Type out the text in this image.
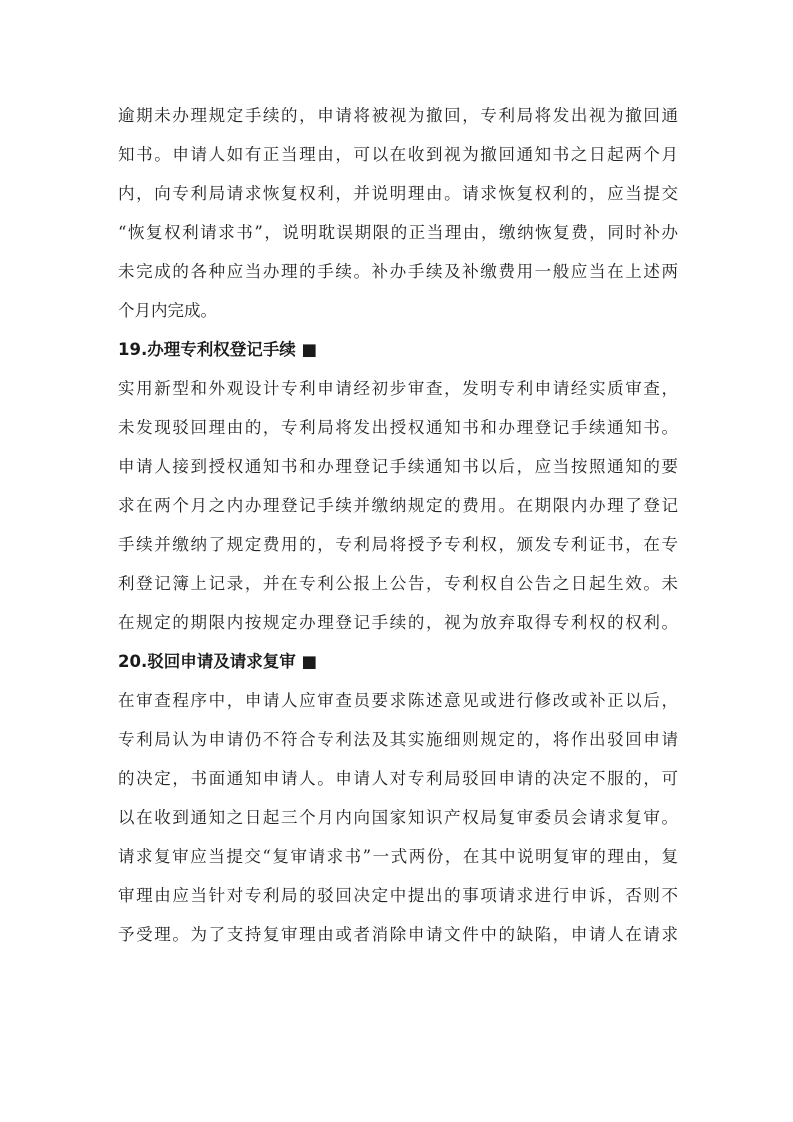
逾期未办理规定手续的，申请将被视为撤回，专利局将发出视为撤回通
知书。申请人如有正当理由，可以在收到视为撤回通知书之日起两个月
内，向专利局请求恢复权利，并说明理由。请求恢复权利的，应当提交
“恢复权利请求书”，说明耽误期限的正当理由，缴纳恢复费，同时补办
未完成的各种应当办理的手续。补办手续及补缴费用一般应当在上述两
个月内完成。
19.办理专利权登记手续 ■
实用新型和外观设计专利申请经初步审查，发明专利申请经实质审查，
未发现驳回理由的，专利局将发出授权通知书和办理登记手续通知书。
申请人接到授权通知书和办理登记手续通知书以后，应当按照通知的要
求在两个月之内办理登记手续并缴纳规定的费用。在期限内办理了登记
手续并缴纳了规定费用的，专利局将授予专利权，颁发专利证书，在专
利登记簿上记录，并在专利公报上公告，专利权自公告之日起生效。未
在规定的期限内按规定办理登记手续的，视为放弃取得专利权的权利。
20.驳回申请及请求复审 ■
在审查程序中，申请人应审查员要求陈述意见或进行修改或补正以后，
专利局认为申请仍不符合专利法及其实施细则规定的，将作出驳回申请
的决定，书面通知申请人。申请人对专利局驳回申请的决定不服的，可
以在收到通知之日起三个月内向国家知识产权局复审委员会请求复审。
请求复审应当提交“复审请求书”一式两份，在其中说明复审的理由，复
审理由应当针对专利局的驳回决定中提出的事项请求进行申诉，否则不
予受理。为了支持复审理由或者消除申请文件中的缺陷，申请人在请求
